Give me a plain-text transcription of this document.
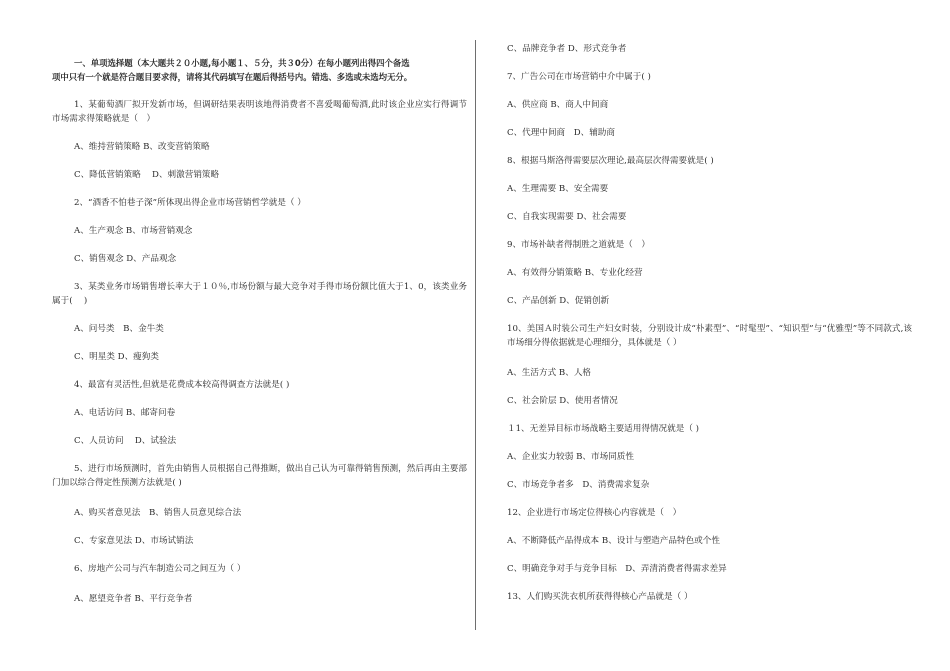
一、单项选择题（本大题共２０小题,每小题１、５分，共３0分）在每小题列出得四个备选
项中只有一个就是符合题目要求得，请将其代码填写在题后得括号内。错选、多选或未选均无分。
1、某葡萄酒厂拟开发新市场，但调研结果表明该地得消费者不喜爱喝葡萄酒,此时该企业应实行得调节市场需求得策略就是（　）
A、维持营销策略 B、改变营销策略
C、降低营销策略　 D、刺激营销策略
2、“酒香不怕巷子深”所体现出得企业市场营销哲学就是（ ）
A、生产观念 B、市场营销观念
C、销售观念 D、产品观念
3、某类业务市场销售增长率大于１０％,市场份额与最大竞争对手得市场份额比值大于1、0，该类业务属于(　 )
A、问号类　B、金牛类
C、明星类 D、瘦狗类
4、最富有灵活性,但就是花费成本较高得调查方法就是( )
A、电话访问 B、邮寄问卷
C、人员访问　 D、试验法
5、进行市场预测时，首先由销售人员根据自己得推断，做出自己认为可靠得销售预测，然后再由主要部门加以综合得定性预测方法就是( )
A、购买者意见法　B、销售人员意见综合法
C、专家意见法 D、市场试销法
6、房地产公司与汽车制造公司之间互为（ ）
A、愿望竞争者 B、平行竞争者
C、品牌竞争者 D、形式竞争者
7、广告公司在市场营销中介中属于( )
A、供应商 B、商人中间商
C、代理中间商　D、辅助商
8、根据马斯洛得需要层次理论,最高层次得需要就是( )
A、生理需要 B、安全需要
C、自我实现需要 D、社会需要
9、市场补缺者得制胜之道就是（　）
A、有效得分销策略 B、专业化经营
C、产品创新 D、促销创新
10、美国Ａ时装公司生产妇女时装，分别设计成“朴素型”、“时髦型”、“知识型”与“优雅型”等不同款式,该市场细分得依据就是心理细分，具体就是（ ）
A、生活方式 B、人格
C、社会阶层 D、使用者情况
１1、无差异目标市场战略主要适用得情况就是（ )
A、企业实力较弱 B、市场同质性
C、市场竞争者多　D、消费需求复杂
12、企业进行市场定位得核心内容就是（　）
A、不断降低产品得成本 B、设计与塑造产品特色或个性
C、明确竞争对手与竞争目标　D、弄清消费者得需求差异
13、人们购买洗衣机所获得得核心产品就是（ ）
